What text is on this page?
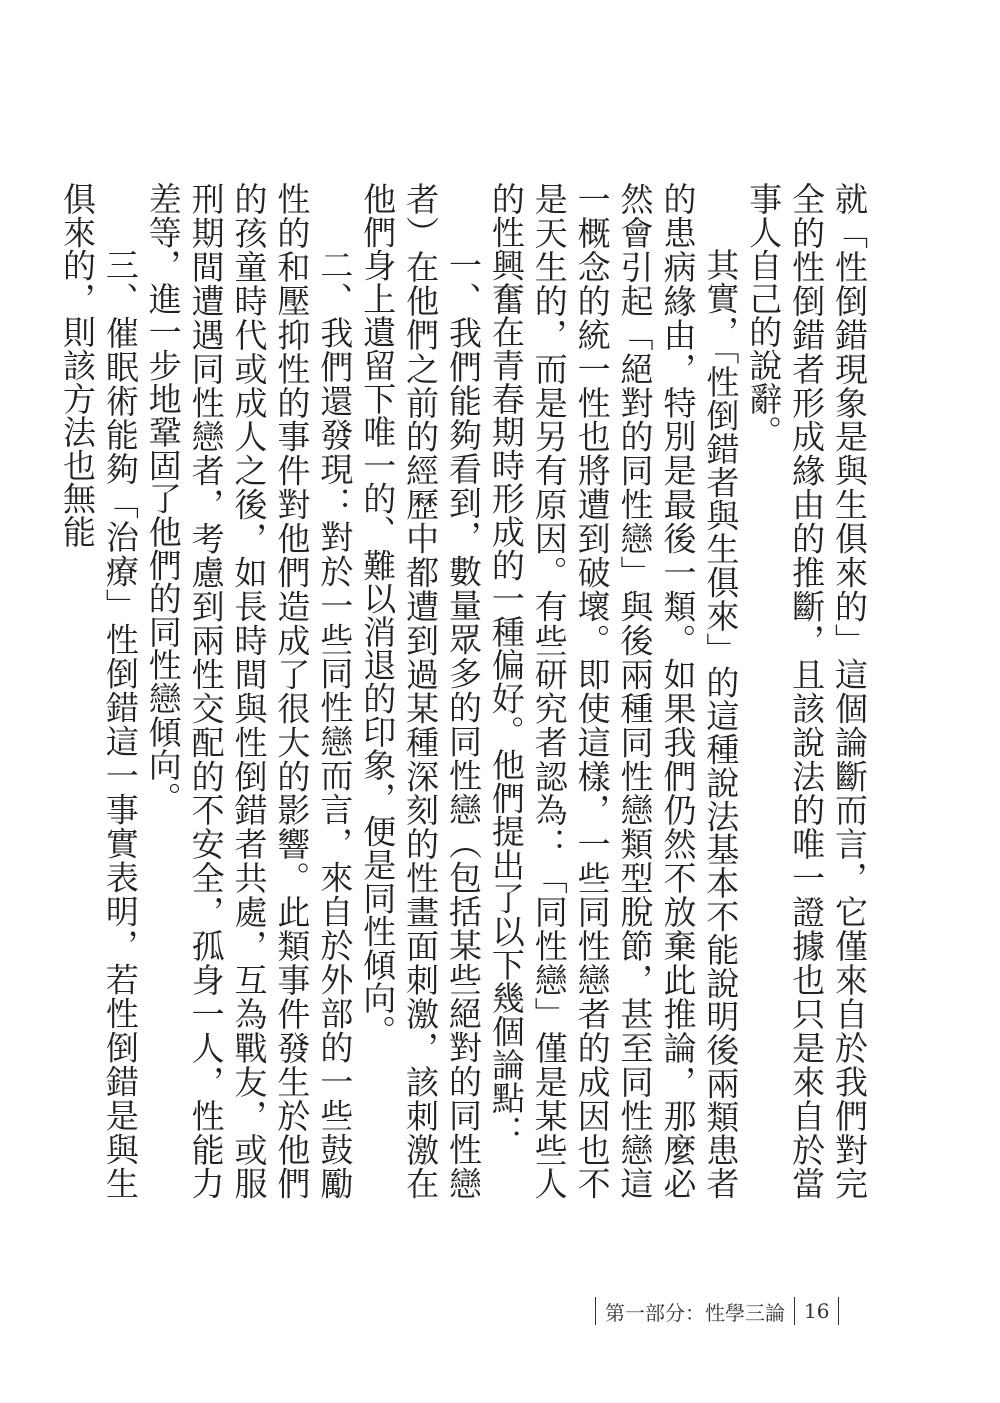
就「性倒錯現象是與生俱來的」這個論斷而言，它僅來自於我們對完全的性倒錯者形成緣由的推斷，且該說法的唯一證據也只是來自於當事人自己的說辭。

其實，「性倒錯者與生俱來」的這種說法基本不能說明後兩類患者的患病緣由，特別是最後一類。如果我們仍然不放棄此推論，那麼必然會引起「絕對的同性戀」與後兩種同性戀類型脫節，甚至同性戀這一概念的統一性也將遭到破壞。即使這樣，一些同性戀者的成因也不是天生的，而是另有原因。有些研究者認為：「同性戀」僅是某些人的性興奮在青春期時形成的一種偏好。他們提出了以下幾個論點：

一、我們能夠看到，數量眾多的同性戀（包括某些絕對的同性戀者）在他們之前的經歷中都遭到過某種深刻的性畫面刺激，該刺激在他們身上遺留下唯一的、難以消退的印象，便是同性傾向。

二、我們還發現：對於一些同性戀而言，來自於外部的一些鼓勵性的和壓抑性的事件對他們造成了很大的影響。此類事件發生於他們的孩童時代或成人之後，如長時間與性倒錯者共處，互為戰友，或服刑期間遭遇同性戀者，考慮到兩性交配的不安全，孤身一人，性能力差等，進一步地鞏固了他們的同性戀傾向。

三、催眠術能夠「治療」性倒錯這一事實表明，若性倒錯是與生俱來的，則該方法也無能

第一部分：性學三論 16
